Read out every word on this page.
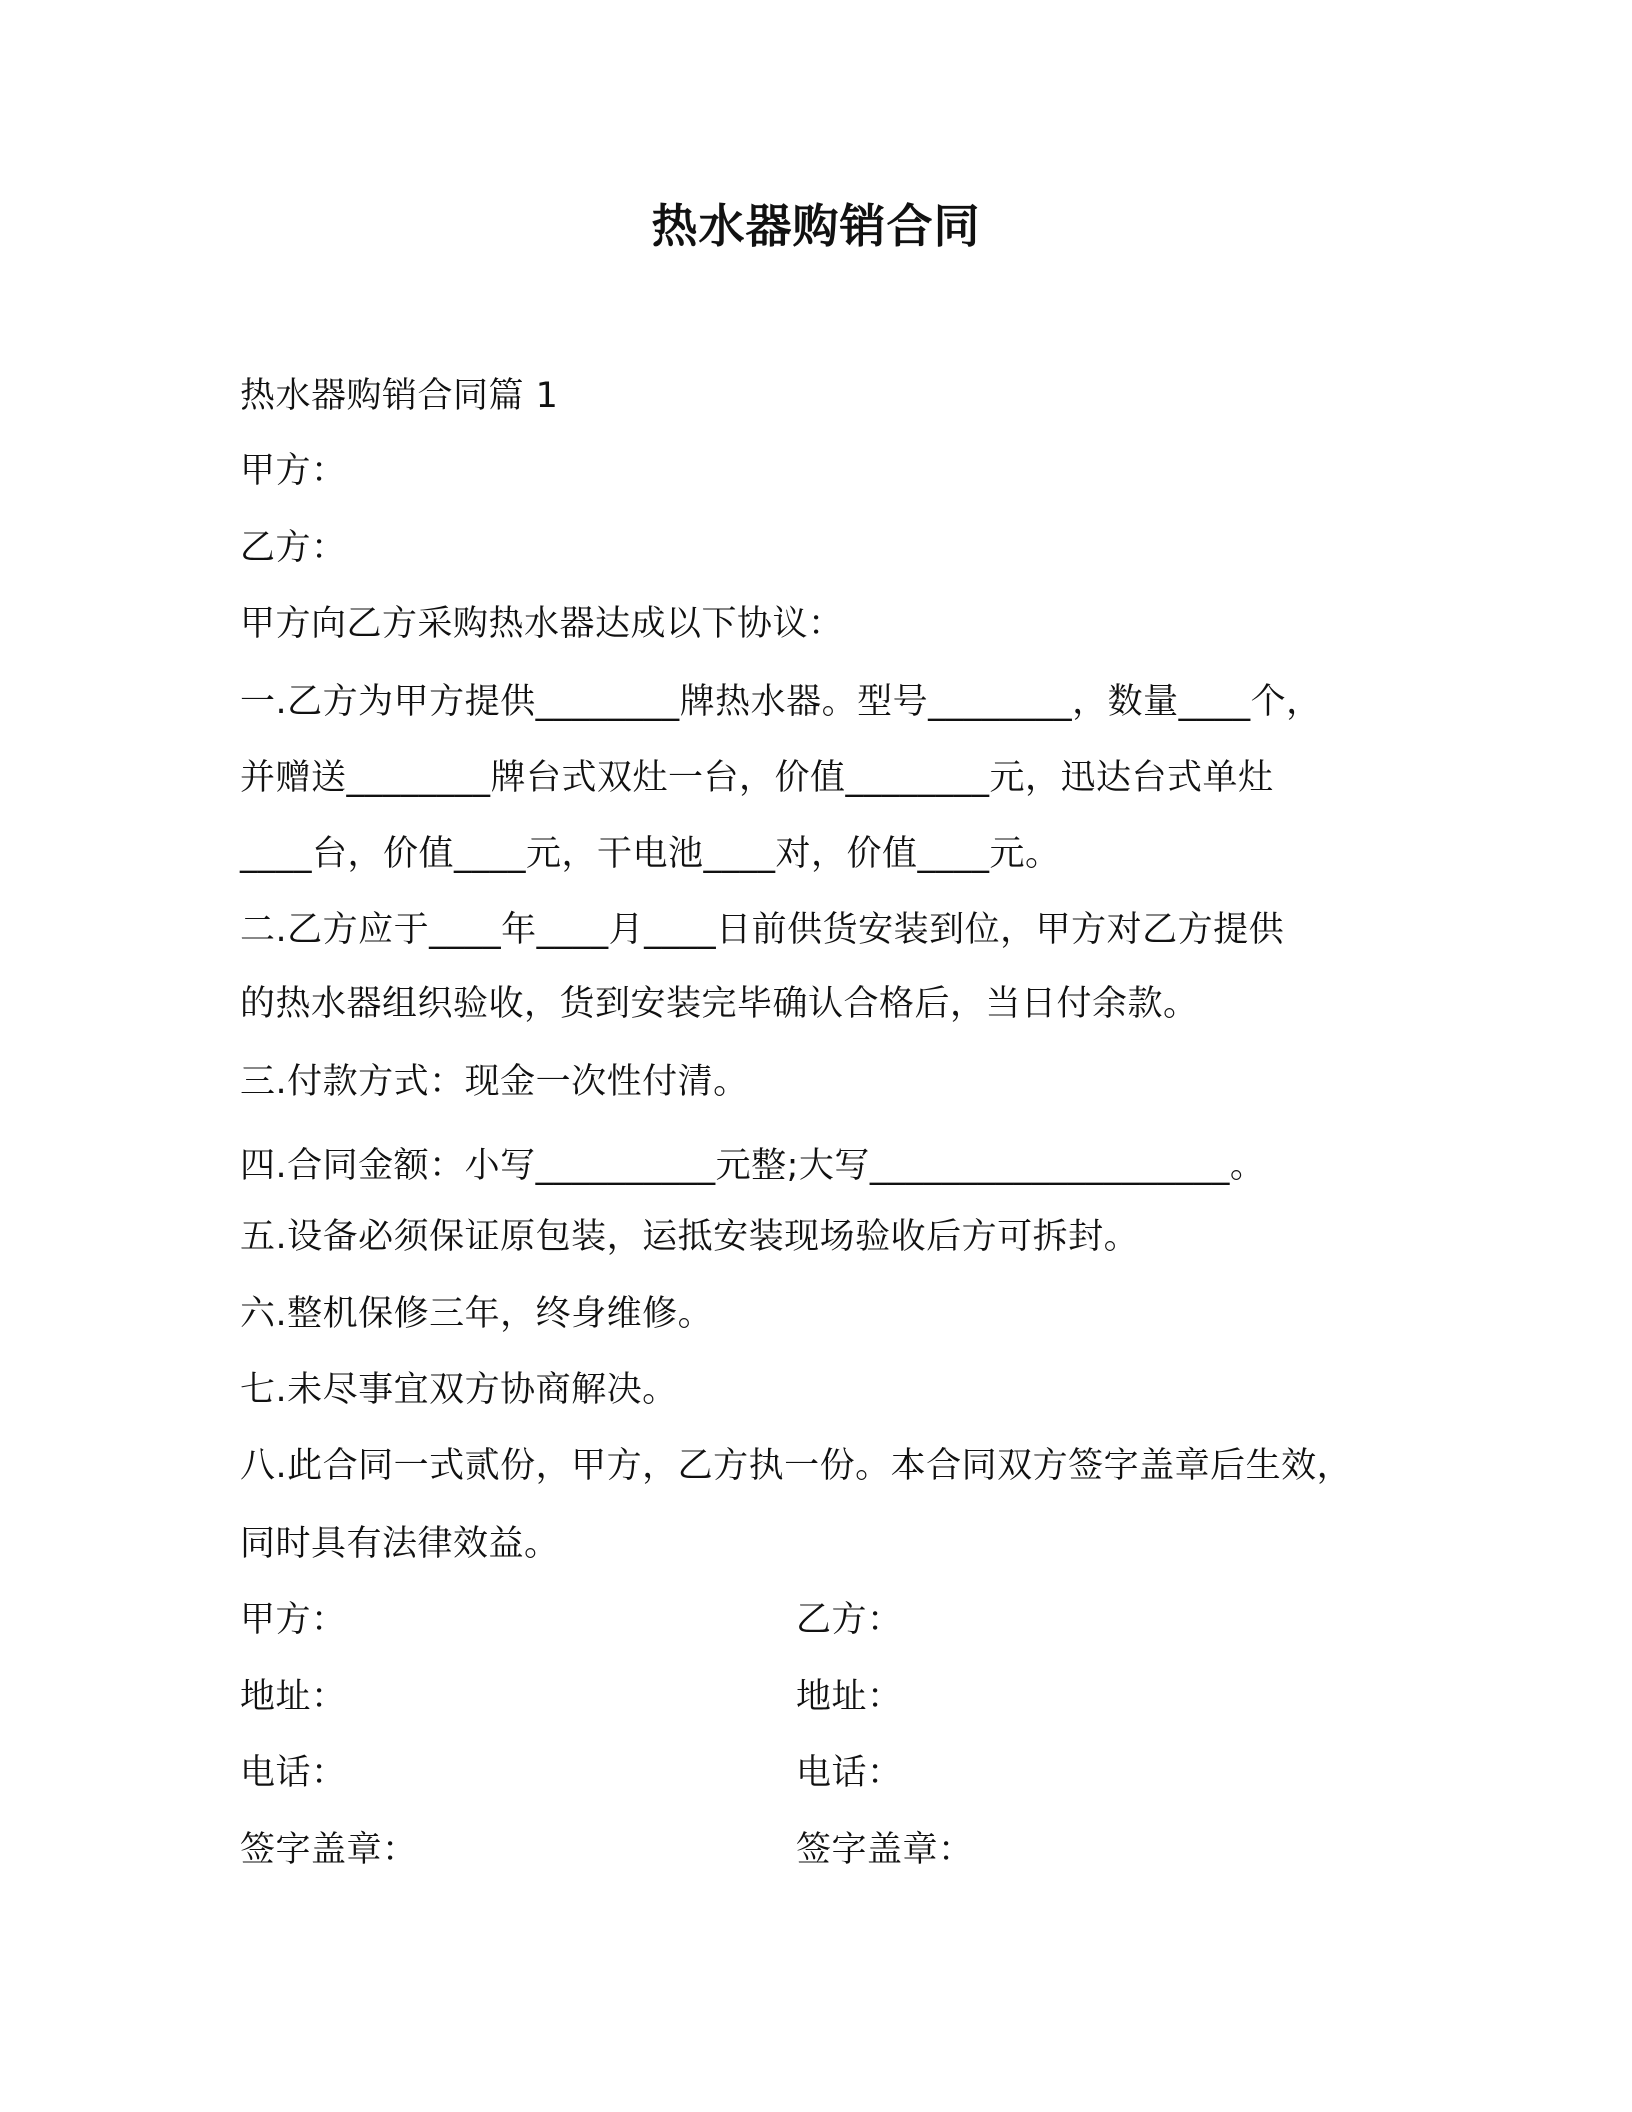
热水器购销合同
热水器购销合同篇 1
甲方：
乙方：
甲方向乙方采购热水器达成以下协议：
一.乙方为甲方提供________牌热水器。型号________，数量____个，
并赠送________牌台式双灶一台，价值________元，迅达台式单灶
____台，价值____元，干电池____对，价值____元。
二.乙方应于____年____月____日前供货安装到位，甲方对乙方提供
的热水器组织验收，货到安装完毕确认合格后，当日付余款。
三.付款方式：现金一次性付清。
四.合同金额：小写__________元整;大写____________________。
五.设备必须保证原包装，运抵安装现场验收后方可拆封。
六.整机保修三年，终身维修。
七.未尽事宜双方协商解决。
八.此合同一式贰份，甲方，乙方执一份。本合同双方签字盖章后生效，
同时具有法律效益。
甲方：	乙方：
地址：	地址：
电话：	电话：
签字盖章：	签字盖章：
